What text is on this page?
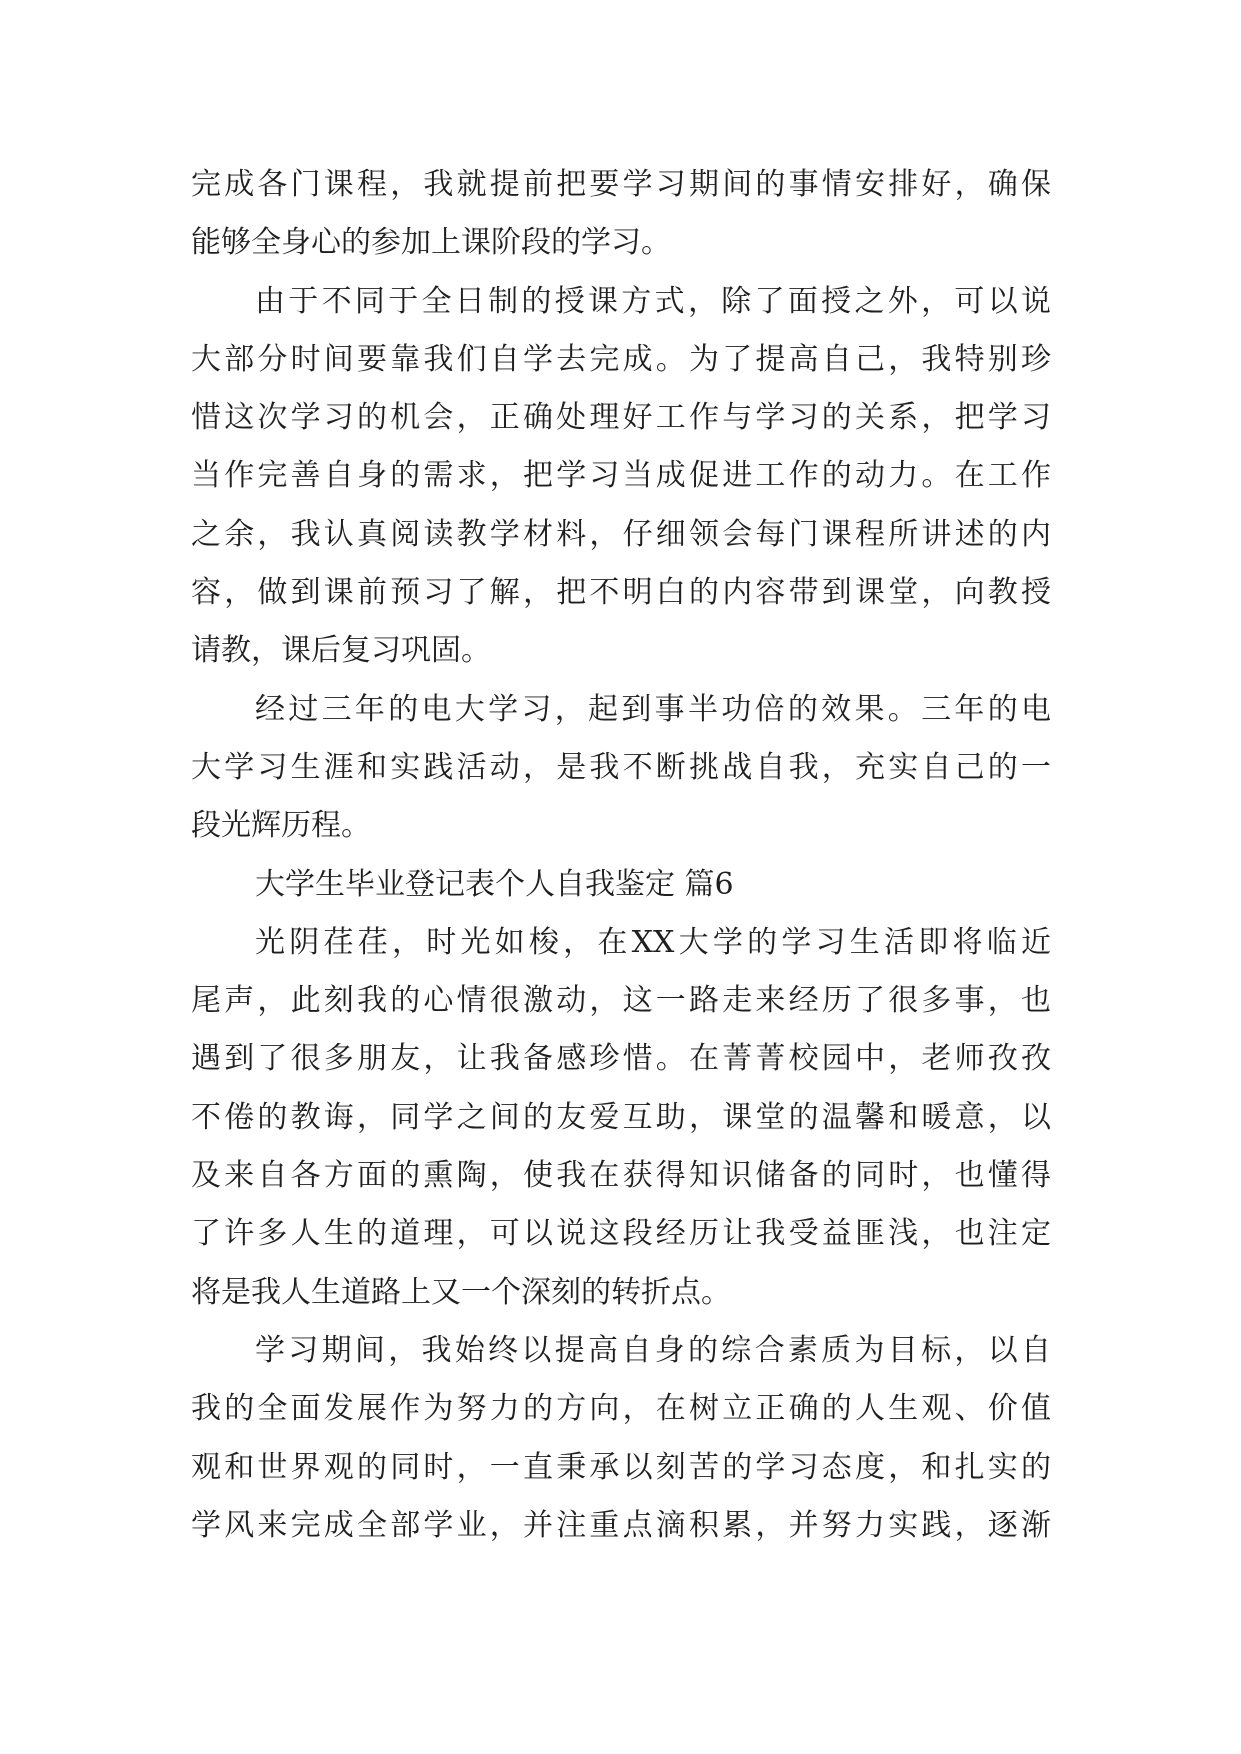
完成各门课程，我就提前把要学习期间的事情安排好，确保
能够全身心的参加上课阶段的学习。
由于不同于全日制的授课方式，除了面授之外，可以说
大部分时间要靠我们自学去完成。为了提高自己，我特别珍
惜这次学习的机会，正确处理好工作与学习的关系，把学习
当作完善自身的需求，把学习当成促进工作的动力。在工作
之余，我认真阅读教学材料，仔细领会每门课程所讲述的内
容，做到课前预习了解，把不明白的内容带到课堂，向教授
请教，课后复习巩固。
经过三年的电大学习，起到事半功倍的效果。三年的电
大学习生涯和实践活动，是我不断挑战自我，充实自己的一
段光辉历程。
大学生毕业登记表个人自我鉴定 篇6
光阴荏荏，时光如梭，在XX大学的学习生活即将临近
尾声，此刻我的心情很激动，这一路走来经历了很多事，也
遇到了很多朋友，让我备感珍惜。在菁菁校园中，老师孜孜
不倦的教诲，同学之间的友爱互助，课堂的温馨和暖意，以
及来自各方面的熏陶，使我在获得知识储备的同时，也懂得
了许多人生的道理，可以说这段经历让我受益匪浅，也注定
将是我人生道路上又一个深刻的转折点。
学习期间，我始终以提高自身的综合素质为目标，以自
我的全面发展作为努力的方向，在树立正确的人生观、价值
观和世界观的同时，一直秉承以刻苦的学习态度，和扎实的
学风来完成全部学业，并注重点滴积累，并努力实践，逐渐
